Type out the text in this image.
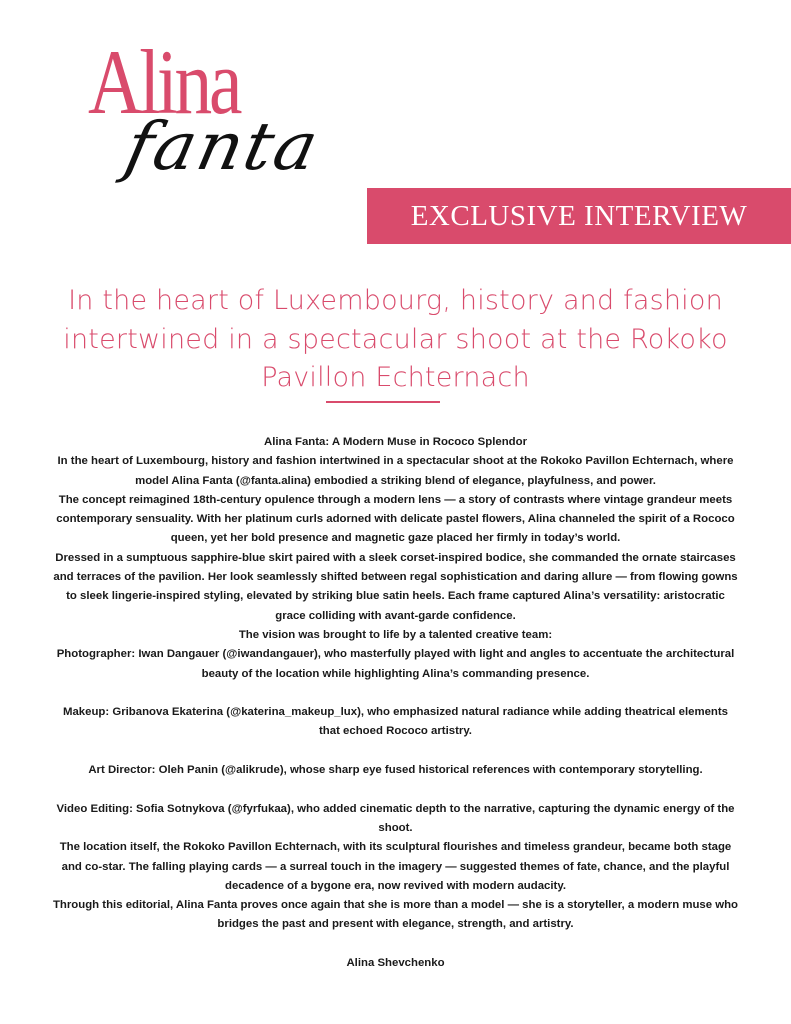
Alina
fanta
EXCLUSIVE INTERVIEW
In the heart of Luxembourg, history and fashion intertwined in a spectacular shoot at the Rokoko Pavillon Echternach

Alina Fanta: A Modern Muse in Rococo Splendor

In the heart of Luxembourg, history and fashion intertwined in a spectacular shoot at the Rokoko Pavillon Echternach, where model Alina Fanta (@fanta.alina) embodied a striking blend of elegance, playfulness, and power.

The concept reimagined 18th-century opulence through a modern lens — a story of contrasts where vintage grandeur meets contemporary sensuality. With her platinum curls adorned with delicate pastel flowers, Alina channeled the spirit of a Rococo queen, yet her bold presence and magnetic gaze placed her firmly in today’s world.

Dressed in a sumptuous sapphire-blue skirt paired with a sleek corset-inspired bodice, she commanded the ornate staircases and terraces of the pavilion. Her look seamlessly shifted between regal sophistication and daring allure — from flowing gowns to sleek lingerie-inspired styling, elevated by striking blue satin heels. Each frame captured Alina’s versatility: aristocratic grace colliding with avant-garde confidence.

The vision was brought to life by a talented creative team:

Photographer: Iwan Dangauer (@iwandangauer), who masterfully played with light and angles to accentuate the architectural beauty of the location while highlighting Alina’s commanding presence.

Makeup: Gribanova Ekaterina (@katerina_makeup_lux), who emphasized natural radiance while adding theatrical elements that echoed Rococo artistry.

Art Director: Oleh Panin (@alikrude), whose sharp eye fused historical references with contemporary storytelling.

Video Editing: Sofia Sotnykova (@fyrfukaa), who added cinematic depth to the narrative, capturing the dynamic energy of the shoot.

The location itself, the Rokoko Pavillon Echternach, with its sculptural flourishes and timeless grandeur, became both stage and co-star. The falling playing cards — a surreal touch in the imagery — suggested themes of fate, chance, and the playful decadence of a bygone era, now revived with modern audacity.

Through this editorial, Alina Fanta proves once again that she is more than a model — she is a storyteller, a modern muse who bridges the past and present with elegance, strength, and artistry.

Alina Shevchenko
